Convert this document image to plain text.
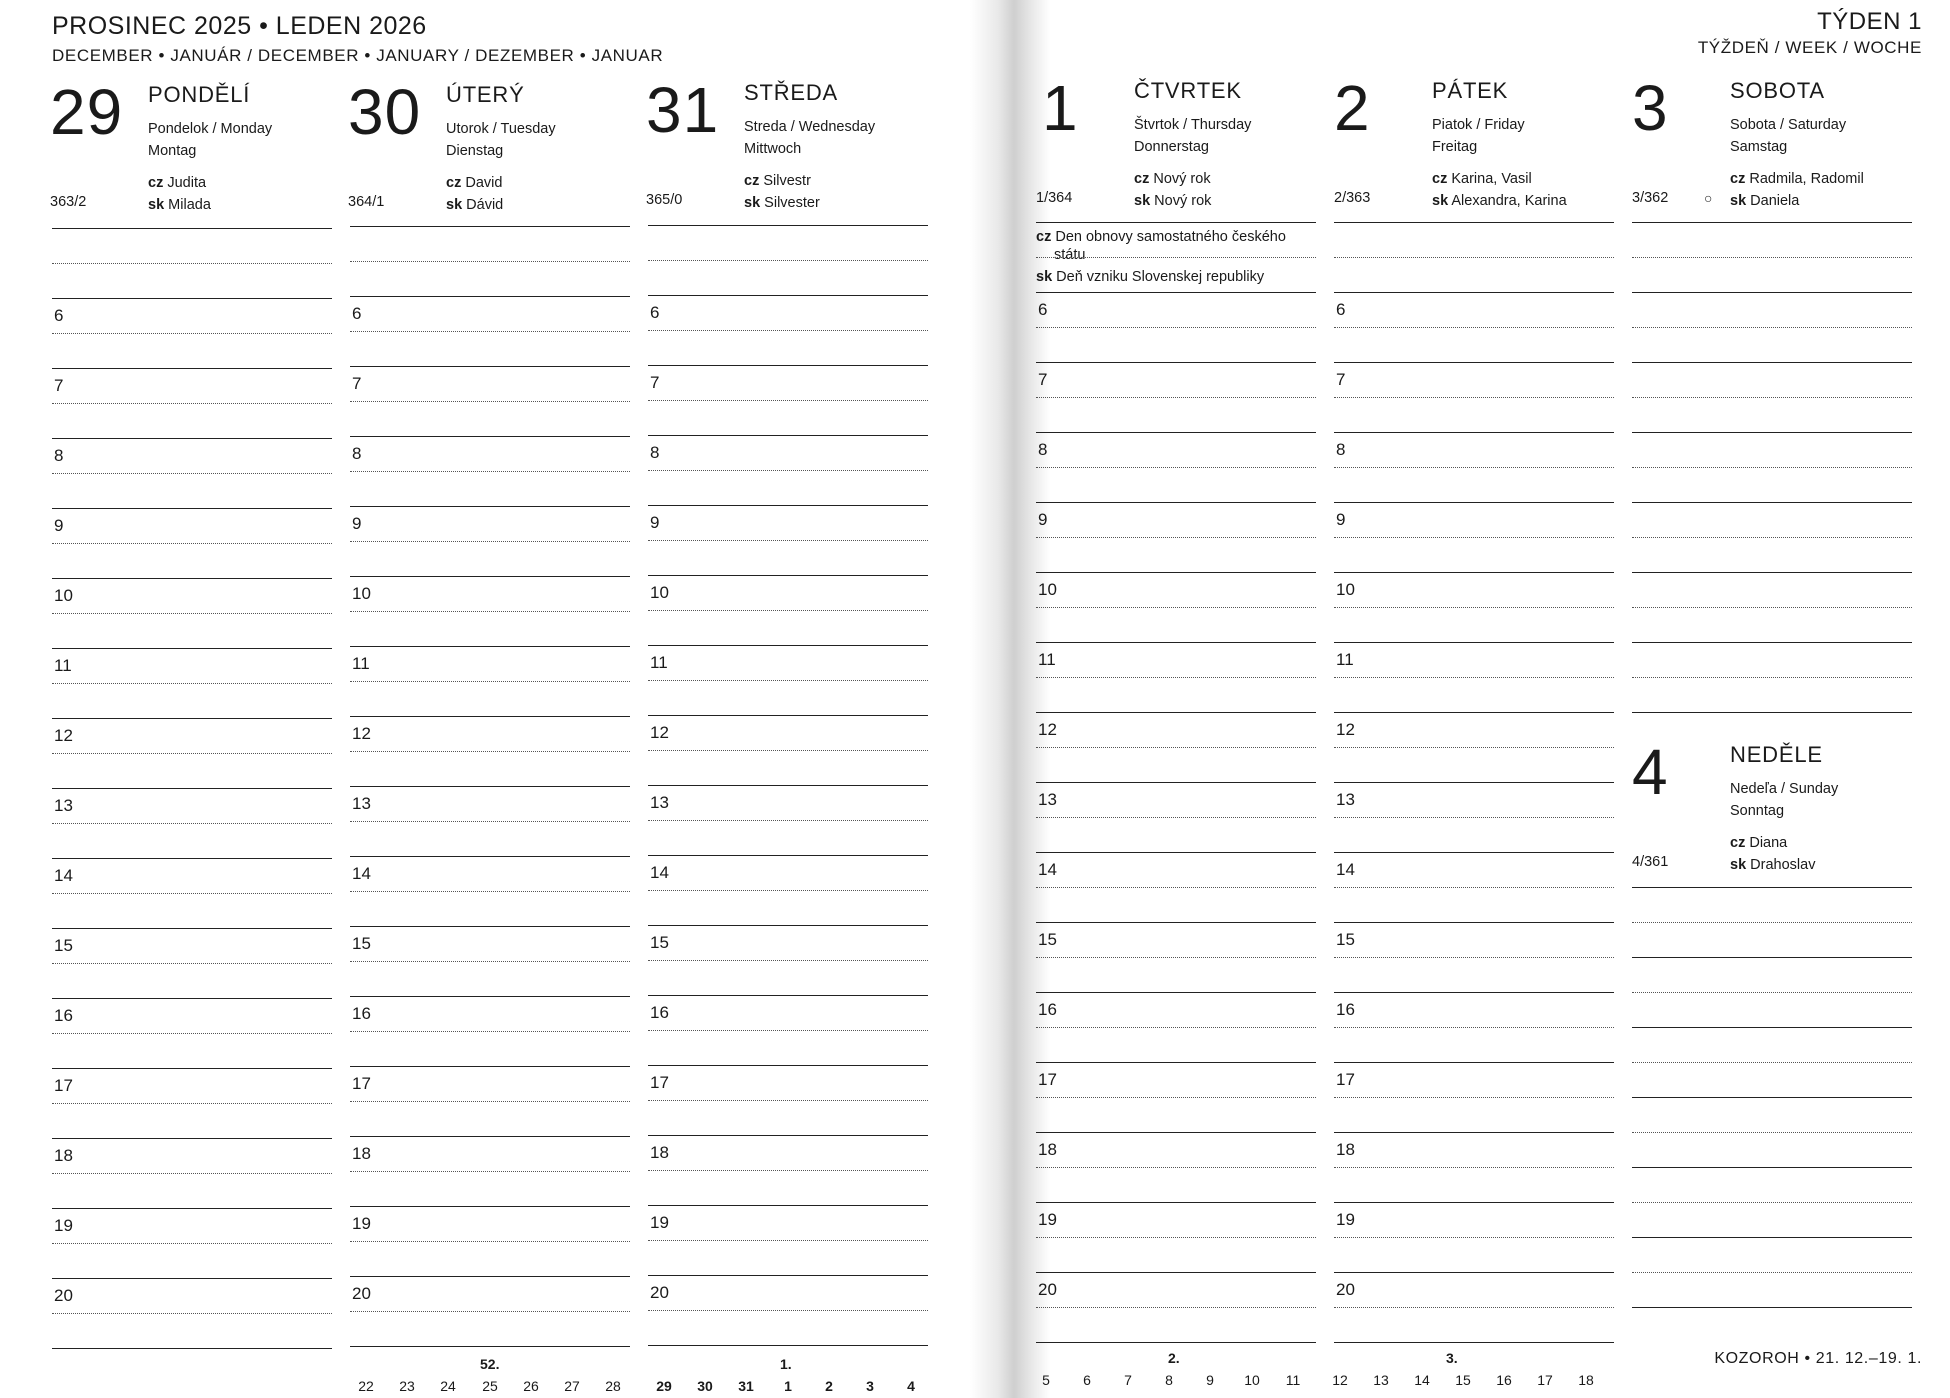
PROSINEC 2025 • LEDEN 2026
DECEMBER • JANUÁR / DECEMBER • JANUARY / DEZEMBER • JANUAR
29 PONDĚLÍ
Pondelok / Monday
Montag
cz Judita
sk Milada
363/2
30 ÚTERÝ
Utorok / Tuesday
Dienstag
cz David
sk Dávid
364/1
31 STŘEDA
Streda / Wednesday
Mittwoch
cz Silvestr
sk Silvester
365/0
6
7
8
9
10
11
12
13
14
15
16
17
18
19
20
6
7
8
9
10
11
12
13
14
15
16
17
18
19
20
6
7
8
9
10
11
12
13
14
15
16
17
18
19
20
52.
22	23	24	25	26	27	28
1.
29	30	31	1	2	3	4
TÝDEN 1
TÝŽDEŇ / WEEK / WOCHE
1	ČTVRTEK
Štvrtok / Thursday
Donnerstag
cz Nový rok
sk Nový rok
1/364
cz Den obnovy samostatného českého
státu
sk Deň vzniku Slovenskej republiky
2	PÁTEK
Piatok / Friday
Freitag
cz Karina, Vasil
sk Alexandra, Karina
2/363
3	SOBOTA
Sobota / Saturday
Samstag
cz Radmila, Radomil
sk Daniela
3/362	○
4	NEDĚLE
Nedeľa / Sunday
Sonntag
cz Diana
sk Drahoslav
4/361
6
7
8
9
10
11
12
13
14
15
16
17
18
19
20
6
7
8
9
10
11
12
13
14
15
16
17
18
19
20
2.
5	6	7	8	9	10	11
3.
12	13	14	15	16	17	18
KOZOROH • 21. 12.–19. 1.
